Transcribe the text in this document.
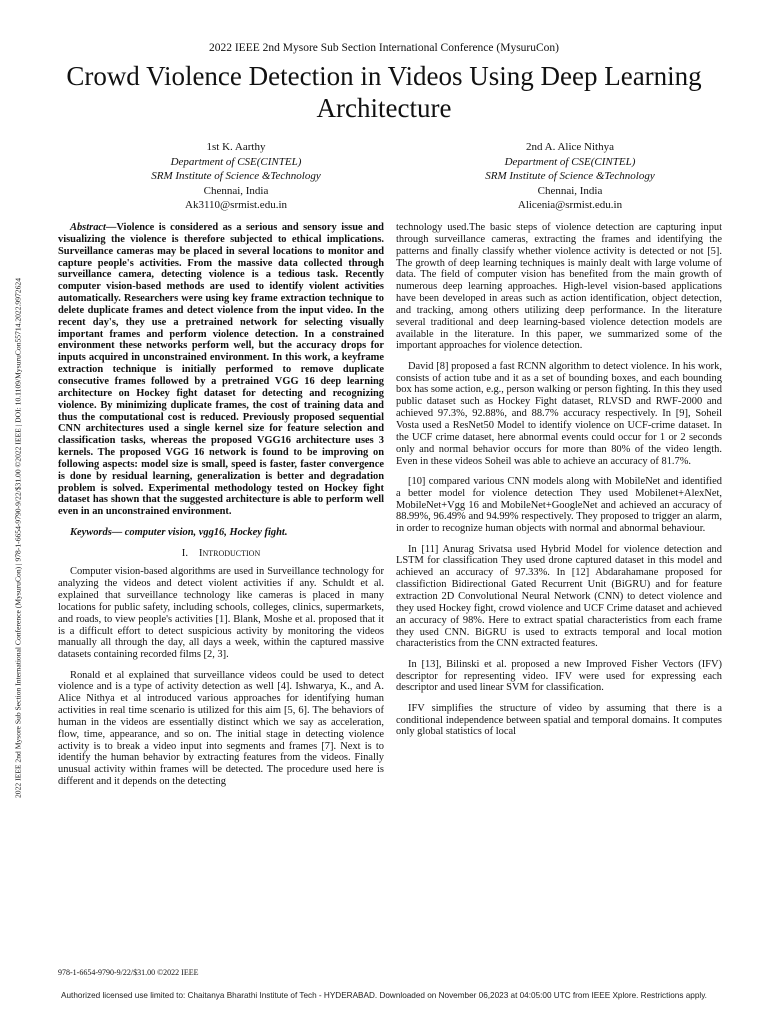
2022 IEEE 2nd Mysore Sub Section International Conference (MysuruCon)
Crowd Violence Detection in Videos Using Deep Learning Architecture
1st K. Aarthy
Department of CSE(CINTEL)
SRM Institute of Science &Technology
Chennai, India
Ak3110@srmist.edu.in
2nd A. Alice Nithya
Department of CSE(CINTEL)
SRM Institute of Science &Technology
Chennai, India
Alicenia@srmist.edu.in
2022 IEEE 2nd Mysore Sub Section International Conference (MysuruCon) | 978-1-6654-9790-9/22/$31.00 ©2022 IEEE | DOI: 10.1109/MysuruCon55714.2022.9972624

Abstract—Violence is considered as a serious and sensory issue and visualizing the violence is therefore subjected to ethical implications. Surveillance cameras may be placed in several locations to monitor and capture people's activities. From the massive data collected through surveillance camera, detecting violence is a tedious task. Recently computer vision-based methods are used to identify violent activities automatically. Researchers were using key frame extraction technique to delete duplicate frames and detect violence from the input video. In the recent day's, they use a pretrained network for selecting visually important frames and perform violence detection. In a constrained environment these networks perform well, but the accuracy drops for inputs acquired in unconstrained environment. In this work, a keyframe extraction technique is initially performed to remove duplicate consecutive frames followed by a pretrained VGG 16 deep learning architecture on Hockey fight dataset for detecting and recognizing violence. By minimizing duplicate frames, the cost of training data and thus the computational cost is reduced. Previously proposed sequential CNN architectures used a single kernel size for feature selection and classification tasks, whereas the proposed VGG16 architecture uses 3 kernels. The proposed VGG 16 network is found to be improving on following aspects: model size is small, speed is faster, faster convergence is done by residual learning, generalization is better and degradation problem is solved. Experimental methodology tested on Hockey fight dataset has shown that the suggested architecture is able to perform well even in an unconstrained environment.

Keywords— computer vision, vgg16, Hockey fight.

I. Introduction

Computer vision-based algorithms are used in Surveillance technology for analyzing the videos and detect violent activities if any. Schuldt et al. explained that surveillance technology like cameras is placed in many locations for public safety, including schools, colleges, clinics, supermarkets, and roads, to view people's activities [1]. Blank, Moshe et al. proposed that it is a difficult effort to detect suspicious activity by monitoring the videos manually all through the day, all days a week, within the captured massive datasets containing recorded films [2, 3].

Ronald et al explained that surveillance videos could be used to detect violence and is a type of activity detection as well [4]. Ishwarya, K., and A. Alice Nithya et al introduced various approaches for identifying human activities in real time scenario is utilized for this aim [5, 6]. The behaviors of human in the videos are essentially distinct which we say as acceleration, flow, time, appearance, and so on. The initial stage in detecting violence activity is to break a video input into segments and frames [7]. Next is to identify the human behavior by extracting features from the videos. Finally unusual activity within frames will be detected. The procedure used here is different and it depends on the detecting

technology used.The basic steps of violence detection are capturing input through surveillance cameras, extracting the frames and identifying the patterns and finally classify whether violence activity is detected or not [5]. The growth of deep learning techniques is mainly dealt with large volume of data. The field of computer vision has benefited from the main growth of numerous deep learning approaches. High-level vision-based applications have been developed in areas such as action identification, object detection, and tracking, among others utilizing deep performance. In the literature several traditional and deep learning-based violence detection models are available in the literature. In this paper, we summarized some of the important approaches for violence detection.

David [8] proposed a fast RCNN algorithm to detect violence. In his work, consists of action tube and it as a set of bounding boxes, and each bounding box has some action, e.g., person walking or person fighting. In this they used public dataset such as Hockey Fight dataset, RLVSD and RWF-2000 and achieved 97.3%, 92.88%, and 88.7% accuracy respectively. In [9], Soheil Vosta used a ResNet50 Model to identify violence on UCF-crime dataset. In the UCF crime dataset, here abnormal events could occur for 1 or 2 seconds only and normal behavior occurs for more than 80% of the video length. Even in these videos Soheil was able to achieve an accuracy of 81.7%.

[10] compared various CNN models along with MobileNet and identified a better model for violence detection They used Mobilenet+AlexNet, MobileNet+Vgg 16 and MobileNet+GoogleNet and achieved an accuracy of 88.99%, 96.49% and 94.99% respectively. They proposed to trigger an alarm, in order to recognize human objects with normal and abnormal behaviour.

In [11] Anurag Srivatsa used Hybrid Model for violence detection and LSTM for classification They used drone captured dataset in this model and achieved an accuracy of 97.33%. In [12] Abdarahamane proposed for classifiction Bidirectional Gated Recurrent Unit (BiGRU) and for feature extraction 2D Convolutional Neural Network (CNN) to detect violence and they used Hockey fight, crowd violence and UCF Crime dataset and achieved an accuracy of 98%. Here to extract spatial characteristics from each frame they used CNN. BiGRU is used to extracts temporal and local motion characteristics from the CNN extracted features.

In [13], Bilinski et al. proposed a new Improved Fisher Vectors (IFV) descriptor for representing video. IFV were used for expressing each descriptor and used linear SVM for classification.

IFV simplifies the structure of video by assuming that there is a conditional independence between spatial and temporal domains. It computes only global statistics of local

978-1-6654-9790-9/22/$31.00 ©2022 IEEE
Authorized licensed use limited to: Chaitanya Bharathi Institute of Tech - HYDERABAD. Downloaded on November 06,2023 at 04:05:00 UTC from IEEE Xplore. Restrictions apply.
